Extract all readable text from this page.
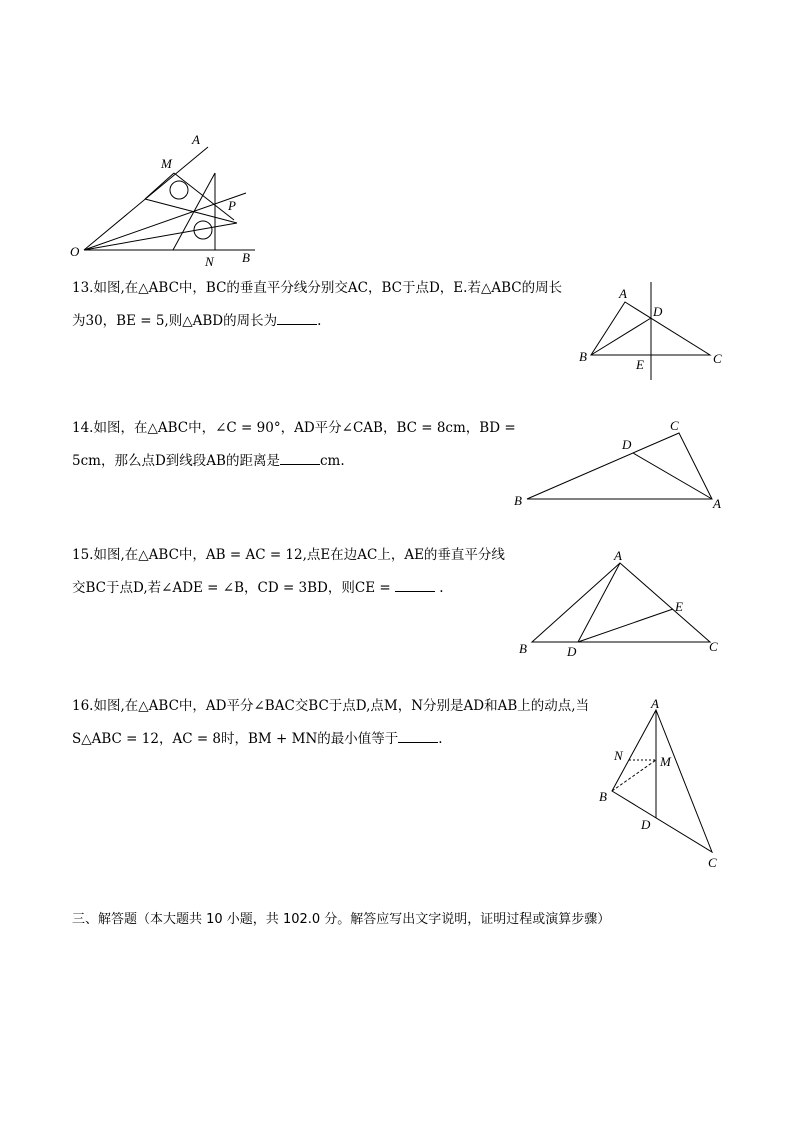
A
M
P
O
N B
13.如图,在△ABC中，BC的垂直平分线分别交AC，BC于点D，E.若△ABC的周长
为30，BE = 5,则△ABD的周长为	.
A
D
B
E	C
14.如图，在△ABC中，∠C = 90°，AD平分∠CAB，BC = 8cm，BD =
5cm，那么点D到线段AB的距离是	cm.
C
D
B	A
15.如图,在△ABC中，AB = AC = 12,点E在边AC上，AE的垂直平分线
交BC于点D,若∠ADE = ∠B，CD = 3BD，则CE =	.
A
E
B	D	C
16.如图,在△ABC中，AD平分∠BAC交BC于点D,点M，N分别是AD和AB上的动点,当
S△ABC = 12，AC = 8时，BM + MN的最小值等于	.
A
N	M
B
D
C
三、解答题（本大题共 10 小题，共 102.0 分。解答应写出文字说明，证明过程或演算步骤）
